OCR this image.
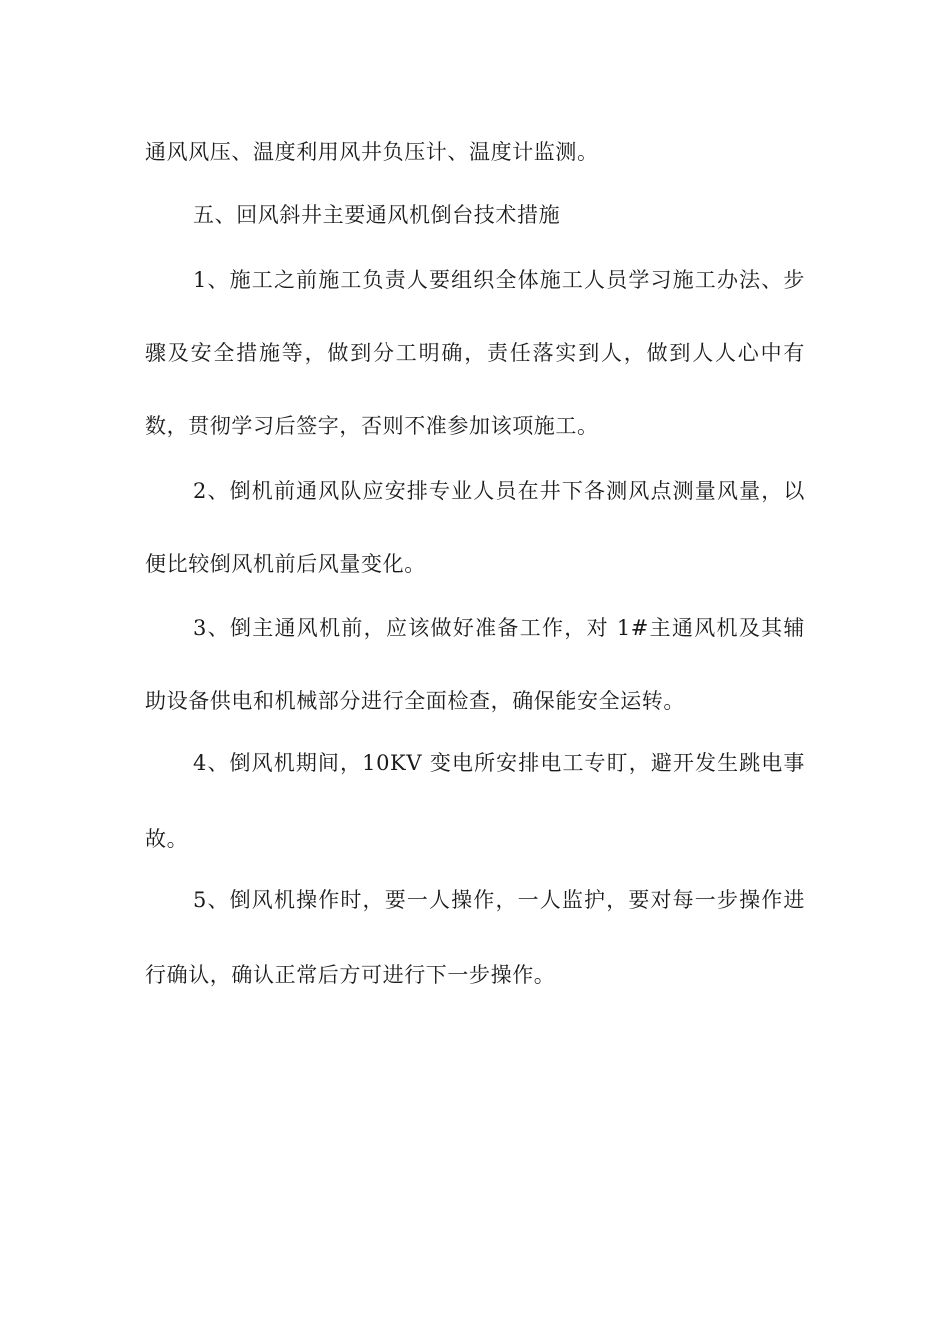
通风风压、温度利用风井负压计、温度计监测。
五、回风斜井主要通风机倒台技术措施
1、施工之前施工负责人要组织全体施工人员学习施工办法、步
骤及安全措施等，做到分工明确，责任落实到人，做到人人心中有
数，贯彻学习后签字，否则不准参加该项施工。
2、倒机前通风队应安排专业人员在井下各测风点测量风量，以
便比较倒风机前后风量变化。
3、倒主通风机前，应该做好准备工作，对 1#主通风机及其辅
助设备供电和机械部分进行全面检查，确保能安全运转。
4、倒风机期间，10KV 变电所安排电工专盯，避开发生跳电事
故。
5、倒风机操作时，要一人操作，一人监护，要对每一步操作进
行确认，确认正常后方可进行下一步操作。
